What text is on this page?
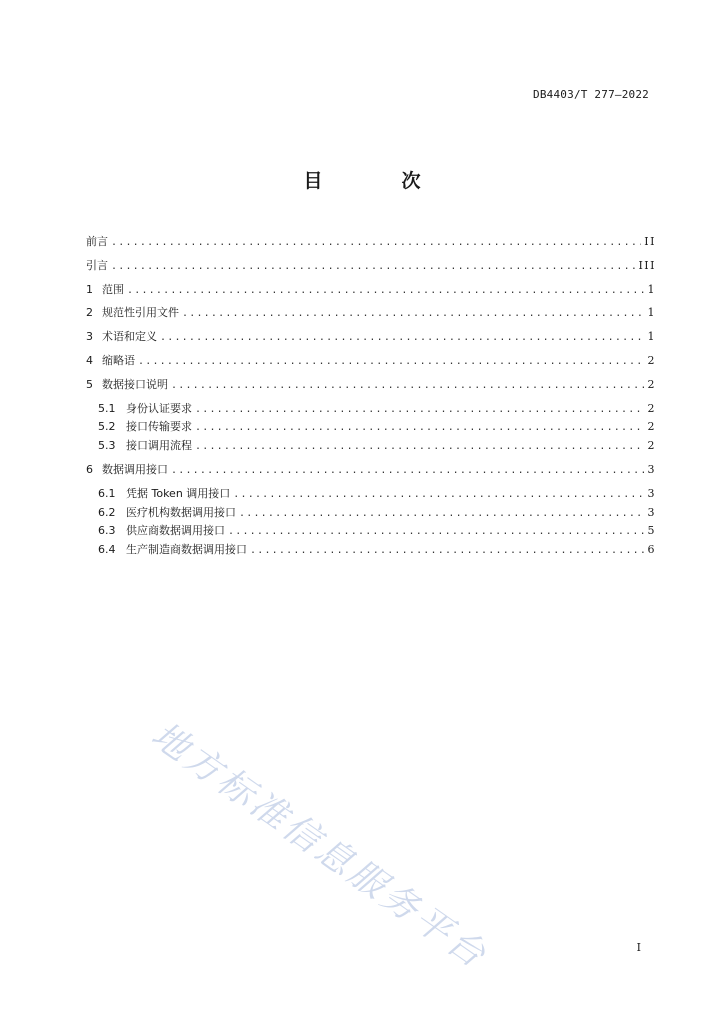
DB4403/T 277—2022
目　次
前言 .....	II
引言 .....	III
1 范围 .....	1
2 规范性引用文件 .....	1
3 术语和定义 .....	1
4 缩略语 .....	2
5 数据接口说明 .....	2
5.1 身份认证要求 .....	2
5.2 接口传输要求 .....	2
5.3 接口调用流程 .....	2
6 数据调用接口 .....	3
6.1 凭据 Token 调用接口 .....	3
6.2 医疗机构数据调用接口 .....	3
6.3 供应商数据调用接口 .....	5
6.4 生产制造商数据调用接口 .....	6
地方标准信息服务平台	I
